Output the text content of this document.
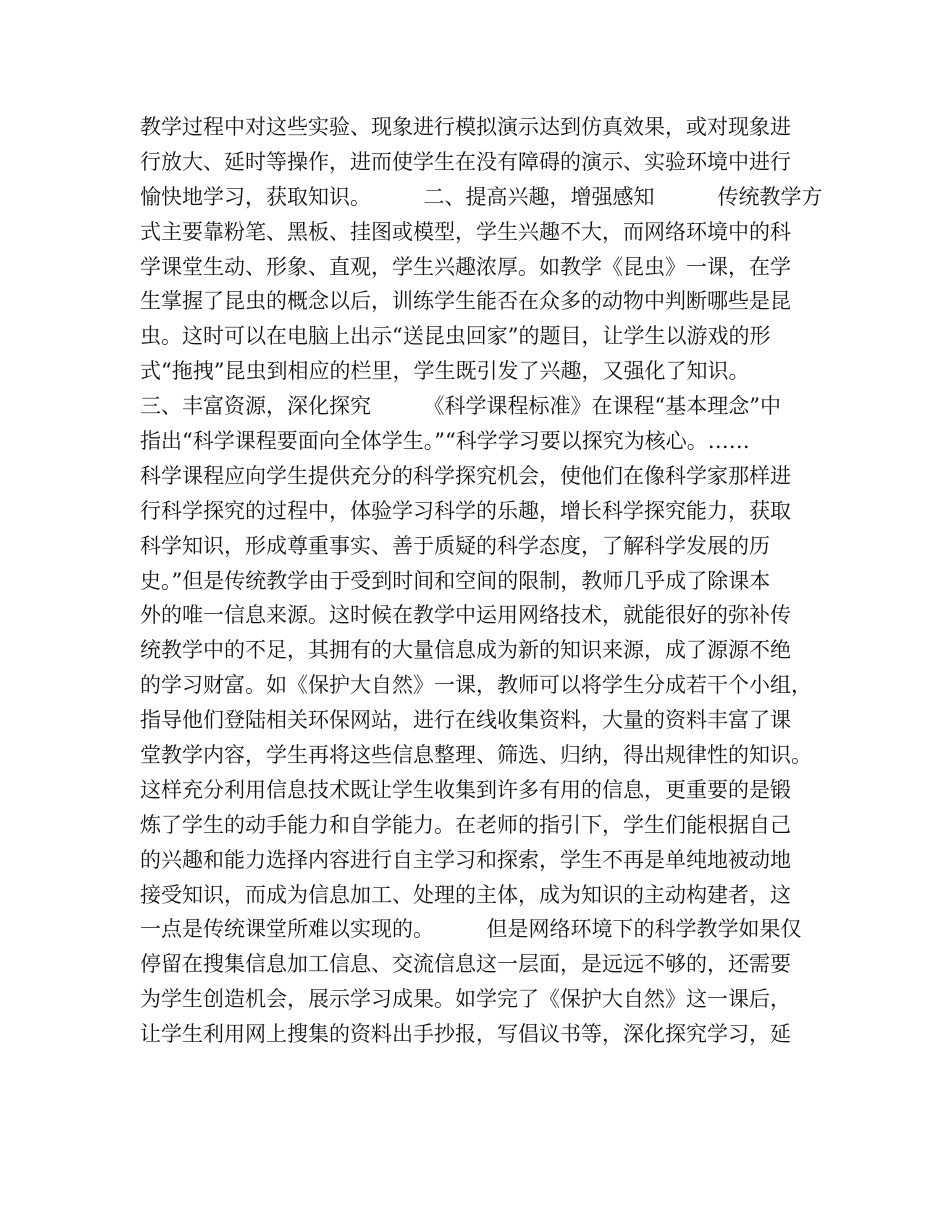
教学过程中对这些实验、现象进行模拟演示达到仿真效果，或对现象进
行放大、延时等操作，进而使学生在没有障碍的演示、实验环境中进行
愉快地学习，获取知识。　　　二、提高兴趣，增强感知　　　传统教学方
式主要靠粉笔、黑板、挂图或模型，学生兴趣不大，而网络环境中的科
学课堂生动、形象、直观，学生兴趣浓厚。如教学《昆虫》一课，在学
生掌握了昆虫的概念以后，训练学生能否在众多的动物中判断哪些是昆
虫。这时可以在电脑上出示“送昆虫回家”的题目，让学生以游戏的形
式“拖拽”昆虫到相应的栏里，学生既引发了兴趣，又强化了知识。
三、丰富资源，深化探究　　　《科学课程标准》在课程“基本理念”中
指出“科学课程要面向全体学生。”“科学学习要以探究为核心。……
科学课程应向学生提供充分的科学探究机会，使他们在像科学家那样进
行科学探究的过程中，体验学习科学的乐趣，增长科学探究能力，获取
科学知识，形成尊重事实、善于质疑的科学态度，了解科学发展的历
史。”但是传统教学由于受到时间和空间的限制，教师几乎成了除课本
外的唯一信息来源。这时候在教学中运用网络技术，就能很好的弥补传
统教学中的不足，其拥有的大量信息成为新的知识来源，成了源源不绝
的学习财富。如《保护大自然》一课，教师可以将学生分成若干个小组，
指导他们登陆相关环保网站，进行在线收集资料，大量的资料丰富了课
堂教学内容，学生再将这些信息整理、筛选、归纳，得出规律性的知识。
这样充分利用信息技术既让学生收集到许多有用的信息，更重要的是锻
炼了学生的动手能力和自学能力。在老师的指引下，学生们能根据自己
的兴趣和能力选择内容进行自主学习和探索，学生不再是单纯地被动地
接受知识，而成为信息加工、处理的主体，成为知识的主动构建者，这
一点是传统课堂所难以实现的。　　　但是网络环境下的科学教学如果仅
停留在搜集信息加工信息、交流信息这一层面，是远远不够的，还需要
为学生创造机会，展示学习成果。如学完了《保护大自然》这一课后，
让学生利用网上搜集的资料出手抄报，写倡议书等，深化探究学习，延
